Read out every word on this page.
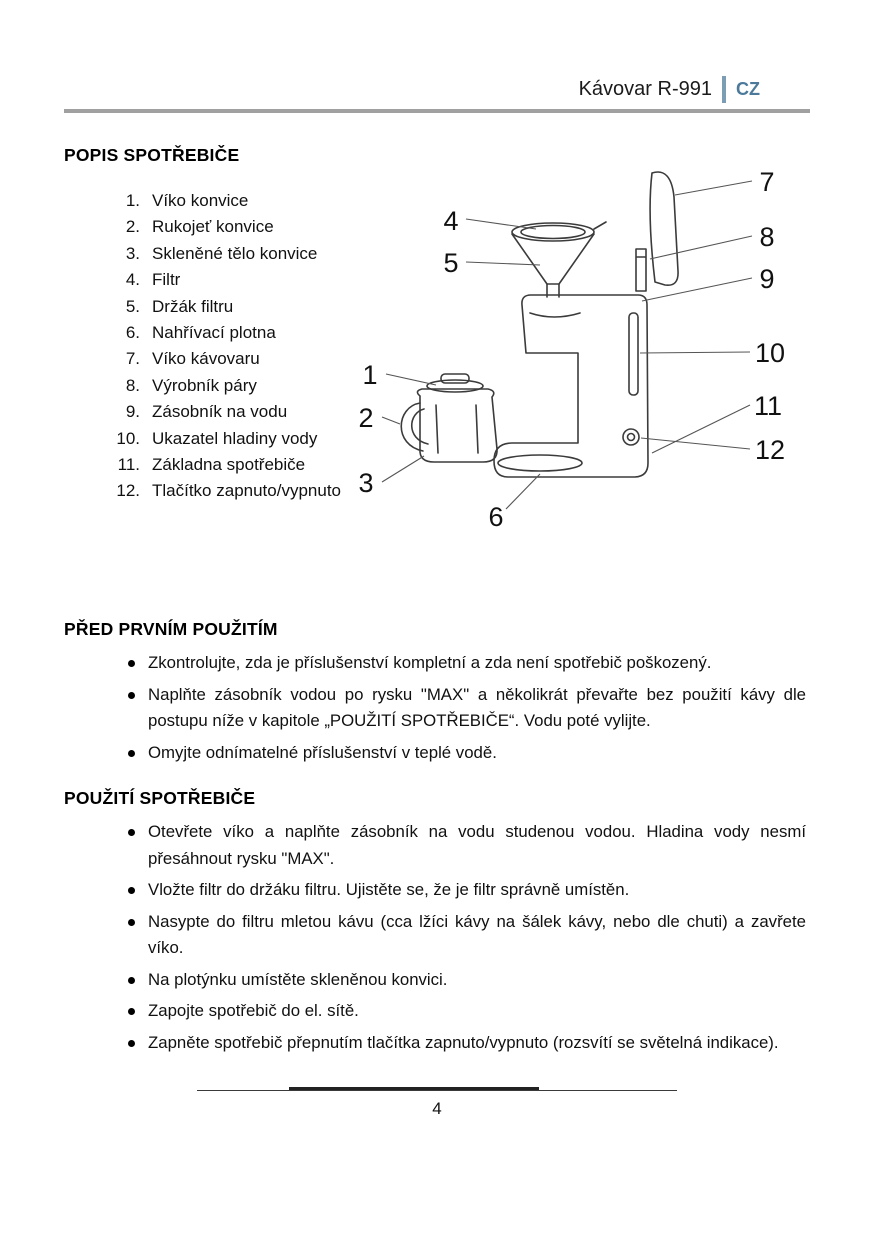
Kávovar R-991 CZ
POPIS SPOTŘEBIČE
1. Víko konvice
2. Rukojeť konvice
3. Skleněné tělo konvice
4. Filtr
5. Držák filtru
6. Nahřívací plotna
7. Víko kávovaru
8. Výrobník páry
9. Zásobník na vodu
10. Ukazatel hladiny vody
11. Základna spotřebiče
12. Tlačítko zapnuto/vypnuto
1
2
3
4
5
6
7
8
9
10
11
12
PŘED PRVNÍM POUŽITÍM
Zkontrolujte, zda je příslušenství kompletní a zda není spotřebič poškozený.
Naplňte zásobník vodou po rysku "MAX" a několikrát převařte bez použití kávy dle postupu níže v kapitole „POUŽITÍ SPOTŘEBIČE“. Vodu poté vylijte.
Omyjte odnímatelné příslušenství v teplé vodě.
POUŽITÍ SPOTŘEBIČE
Otevřete víko a naplňte zásobník na vodu studenou vodou. Hladina vody nesmí přesáhnout rysku "MAX".
Vložte filtr do držáku filtru. Ujistěte se, že je filtr správně umístěn.
Nasypte do filtru mletou kávu (cca lžíci kávy na šálek kávy, nebo dle chuti) a zavřete víko.
Na plotýnku umístěte skleněnou konvici.
Zapojte spotřebič do el. sítě.
Zapněte spotřebič přepnutím tlačítka zapnuto/vypnuto (rozsvítí se světelná indikace).
4
